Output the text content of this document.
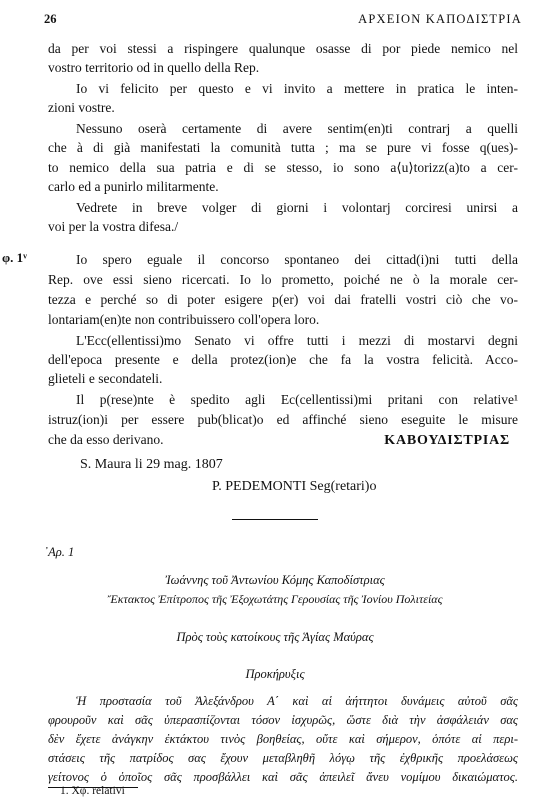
26	ΑΡΧΕΙΟΝ ΚΑΠΟΔΙΣΤΡΙΑ
da per voi stessi a rispingere qualunque osasse di por piede nemico nel
vostro territorio od in quello della Rep.
Io vi felicito per questo e vi invito a mettere in pratica le inten-
zioni vostre.
Nessuno oserà certamente di avere sentim(en)ti contrarj a quelli
che à di già manifestati la comunità tutta ; ma se pure vi fosse q(ues)-
to nemico della sua patria e di se stesso, io sono a⟨u⟩torizz(a)to a cer-
carlo ed a punirlo militarmente.
Vedrete in breve volger di giorni i volontarj corciresi unirsi a
voi per la vostra difesa./
φ. 1ᵛ	Io spero eguale il concorso spontaneo dei cittad(i)ni tutti della
Rep. ove essi sieno ricercati. Io lo prometto, poiché ne ò la morale cer-
tezza e perché so di poter esigere p(er) voi dai fratelli vostri ciò che vo-
lontariam(en)te non contribuissero coll'opera loro.
L'Ecc(ellentissi)mo Senato vi offre tutti i mezzi di mostarvi degni
dell'epoca presente e della protez(ion)e che fa la vostra felicità. Acco-
glieteli e secondateli.
Il p(rese)nte è spedito agli Ec(cellentissi)mi pritani con relative¹
istruz(ion)i per essere pub(blicat)o ed affinché sieno eseguite le misure
che da esso derivano.	ΚΑΒΟΥΔΙΣΤΡΙΑΣ
S. Maura li 29 mag. 1807
P. PEDEMONTI Seg(retari)o
᾿Αρ. 1
Ἰωάννης τοῦ Ἀντωνίου Κόμης Καποδίστριας
Ἔκτακτος Ἐπίτροπος τῆς Ἐξοχωτάτης Γερουσίας τῆς Ἰονίου Πολιτείας
Πρὸς τοὺς κατοίκους τῆς Ἁγίας Μαύρας
Προκήρυξις
Ἡ προστασία τοῦ Ἀλεξάνδρου Α΄ καὶ αἱ ἀήττητοι δυνάμεις αὐτοῦ σᾶς
φρουροῦν καὶ σᾶς ὑπερασπίζονται τόσον ἰσχυρῶς, ὥστε διὰ τὴν ἀσφάλειάν σας
δὲν ἔχετε ἀνάγκην ἐκτάκτου τινὸς βοηθείας, οὔτε καὶ σήμερον, ὁπότε αἱ περι-
στάσεις τῆς πατρίδος σας ἔχουν μεταβληθῆ λόγῳ τῆς ἐχθρικῆς προελάσεως
γείτονος ὁ ὁποῖος σᾶς προσβάλλει καὶ σᾶς ἀπειλεῖ ἄνευ νομίμου δικαιώματος.
1. Χφ. relativi
